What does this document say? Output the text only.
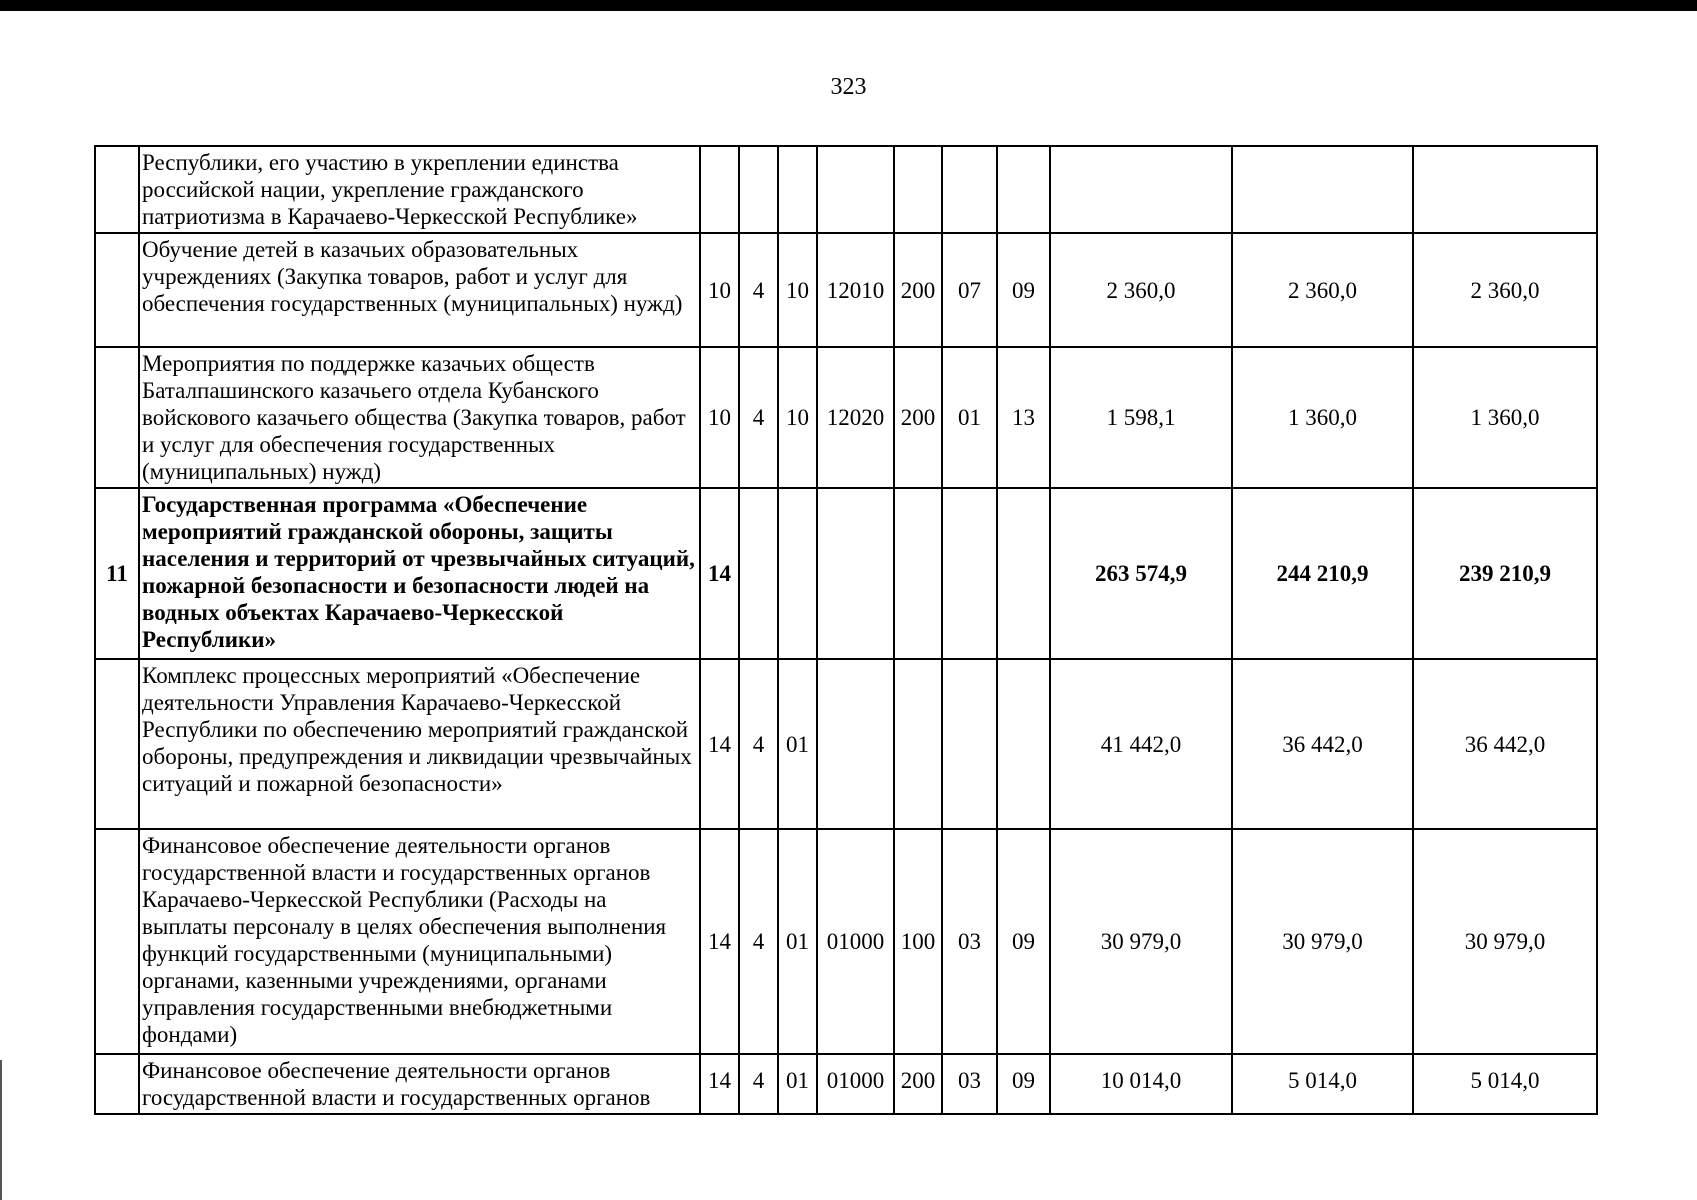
323
	Республики, его участию в укреплении единства российской нации, укрепление гражданского патриотизма в Карачаево-Черкесской Республике»										
	Обучение детей в казачьих образовательных учреждениях (Закупка товаров, работ и услуг для обеспечения государственных (муниципальных) нужд)	10	4	10	12010	200	07	09	2 360,0	2 360,0	2 360,0
	Мероприятия по поддержке казачьих обществ Баталпашинского казачьего отдела Кубанского войскового казачьего общества (Закупка товаров, работ и услуг для обеспечения государственных (муниципальных) нужд)	10	4	10	12020	200	01	13	1 598,1	1 360,0	1 360,0
11	Государственная программа «Обеспечение мероприятий гражданской обороны, защиты населения и территорий от чрезвычайных ситуаций, пожарной безопасности и безопасности людей на водных объектах Карачаево-Черкесской Республики»	14							263 574,9	244 210,9	239 210,9
	Комплекс процессных мероприятий «Обеспечение деятельности Управления Карачаево-Черкесской Республики по обеспечению мероприятий гражданской обороны, предупреждения и ликвидации чрезвычайных ситуаций и пожарной безопасности»	14	4	01					41 442,0	36 442,0	36 442,0
	Финансовое обеспечение деятельности органов государственной власти и государственных органов Карачаево-Черкесской Республики (Расходы на выплаты персоналу в целях обеспечения выполнения функций государственными (муниципальными) органами, казенными учреждениями, органами управления государственными внебюджетными фондами)	14	4	01	01000	100	03	09	30 979,0	30 979,0	30 979,0
	Финансовое обеспечение деятельности органов государственной власти и государственных органов	14	4	01	01000	200	03	09	10 014,0	5 014,0	5 014,0
